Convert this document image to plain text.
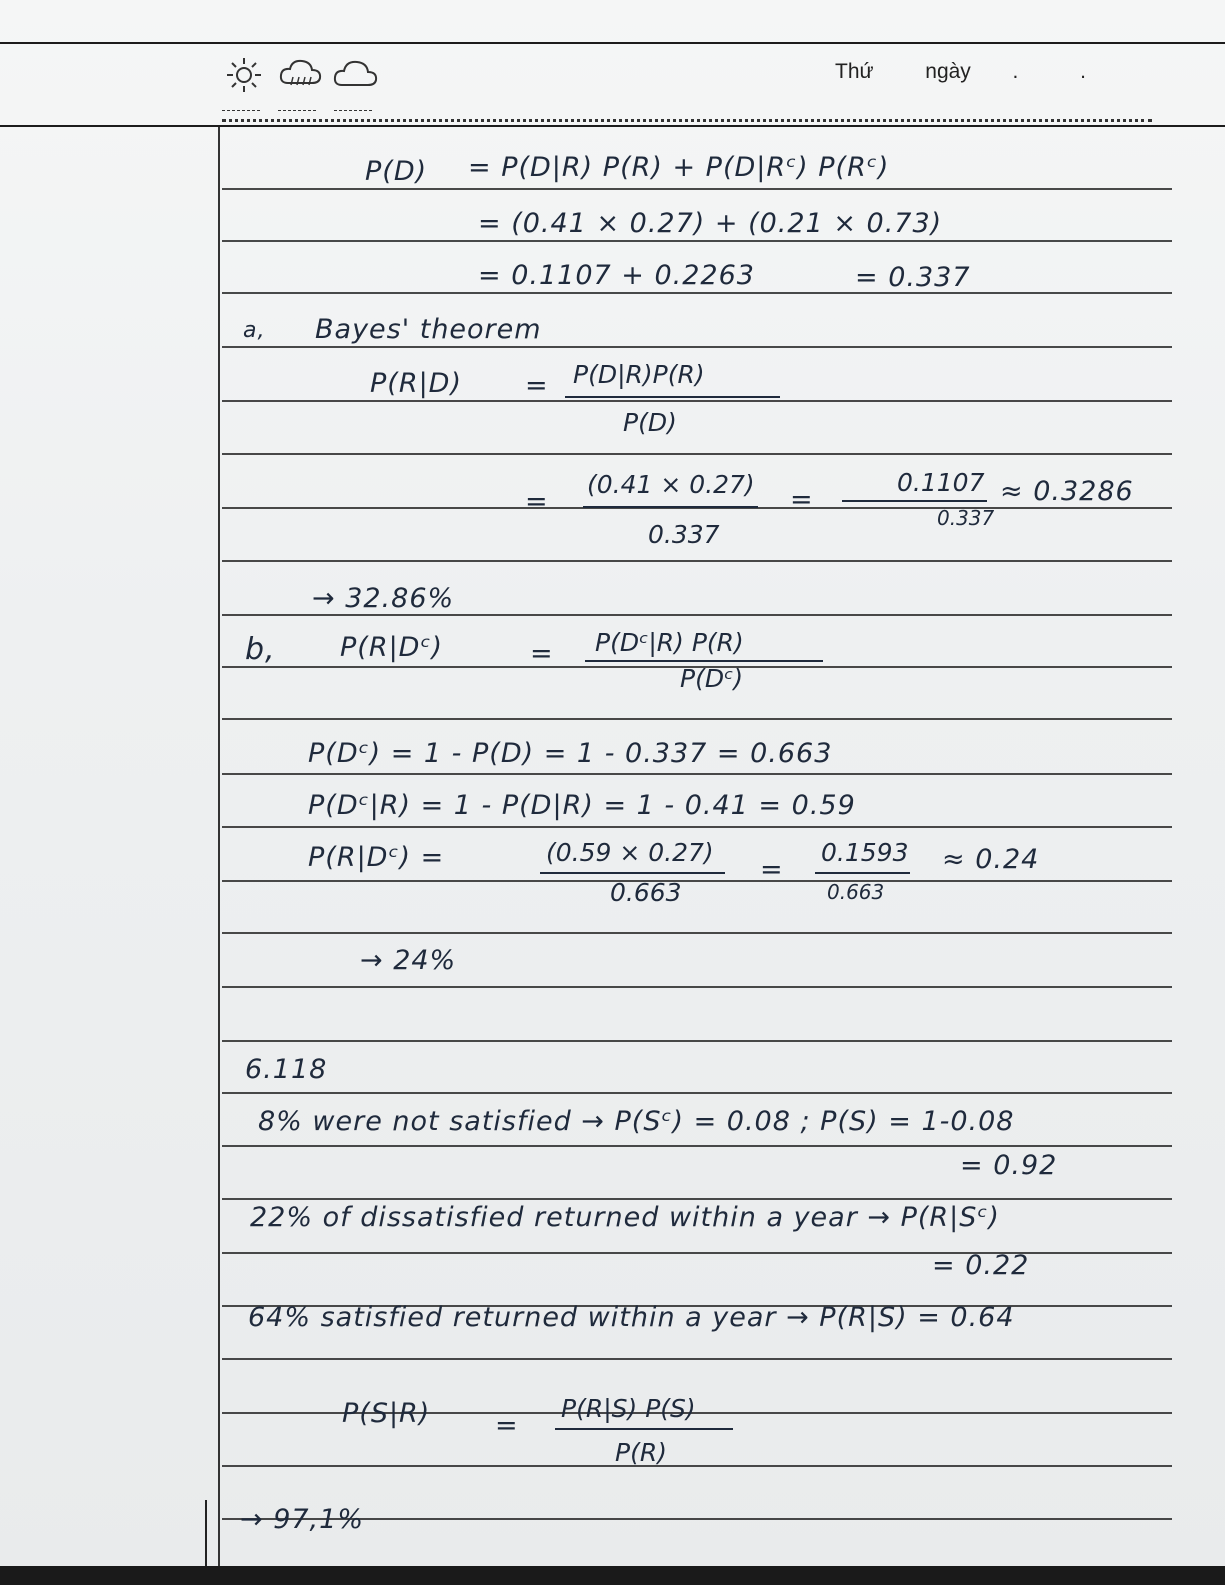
Thứ ngày . .
P(D) = P(D|R) P(R) + P(D|Rᶜ) P(Rᶜ)
= (0.41 × 0.27) + (0.21 × 0.73)
= 0.1107 + 0.2263	= 0.337
a, Bayes' theorem
P(R|D) = P(D|R)P(R)
P(D)
=
(0.41 × 0.27)
0.337
=
0.1107
0.337
≈ 0.3286
→ 32.86%
b, P(R|Dᶜ)	= P(Dᶜ|R) P(R)
P(Dᶜ)
P(Dᶜ) = 1 - P(D) = 1 - 0.337 = 0.663
P(Dᶜ|R) = 1 - P(D|R) = 1 - 0.41 = 0.59
P(R|Dᶜ) =	(0.59 × 0.27)
0.663
=
0.1593
0.663
≈ 0.24
→ 24%
6.118
8% were not satisfied → P(Sᶜ) = 0.08 ; P(S) = 1-0.08
= 0.92
22% of dissatisfied returned within a year → P(R|Sᶜ)
= 0.22
64% satisfied returned within a year → P(R|S) = 0.64
P(S|R) =
P(R|S) P(S)
P(R)
→ 97,1%
